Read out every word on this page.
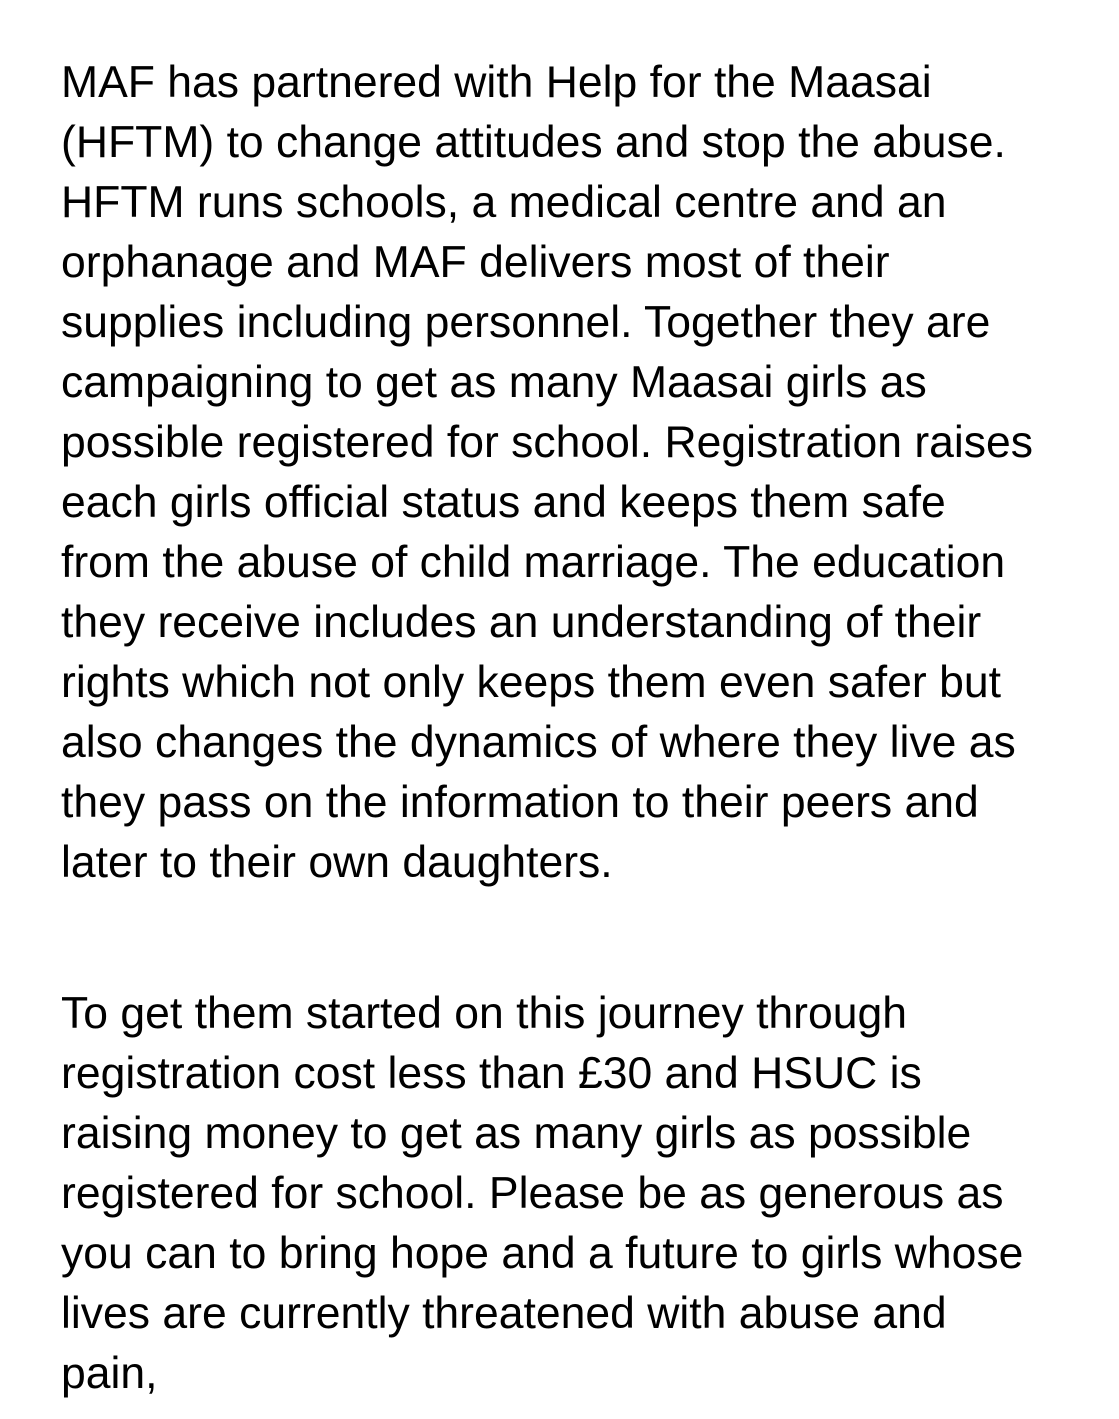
MAF has partnered with Help for the Maasai
(HFTM) to change attitudes and stop the abuse.
HFTM runs schools, a medical centre and an
orphanage and MAF delivers most of their
supplies including personnel. Together they are
campaigning to get as many Maasai girls as
possible registered for school. Registration raises
each girls official status and keeps them safe
from the abuse of child marriage. The education
they receive includes an understanding of their
rights which not only keeps them even safer but
also changes the dynamics of where they live as
they pass on the information to their peers and
later to their own daughters.
To get them started on this journey through
registration cost less than £30 and HSUC is
raising money to get as many girls as possible
registered for school. Please be as generous as
you can to bring hope and a future to girls whose
lives are currently threatened with abuse and
pain,
